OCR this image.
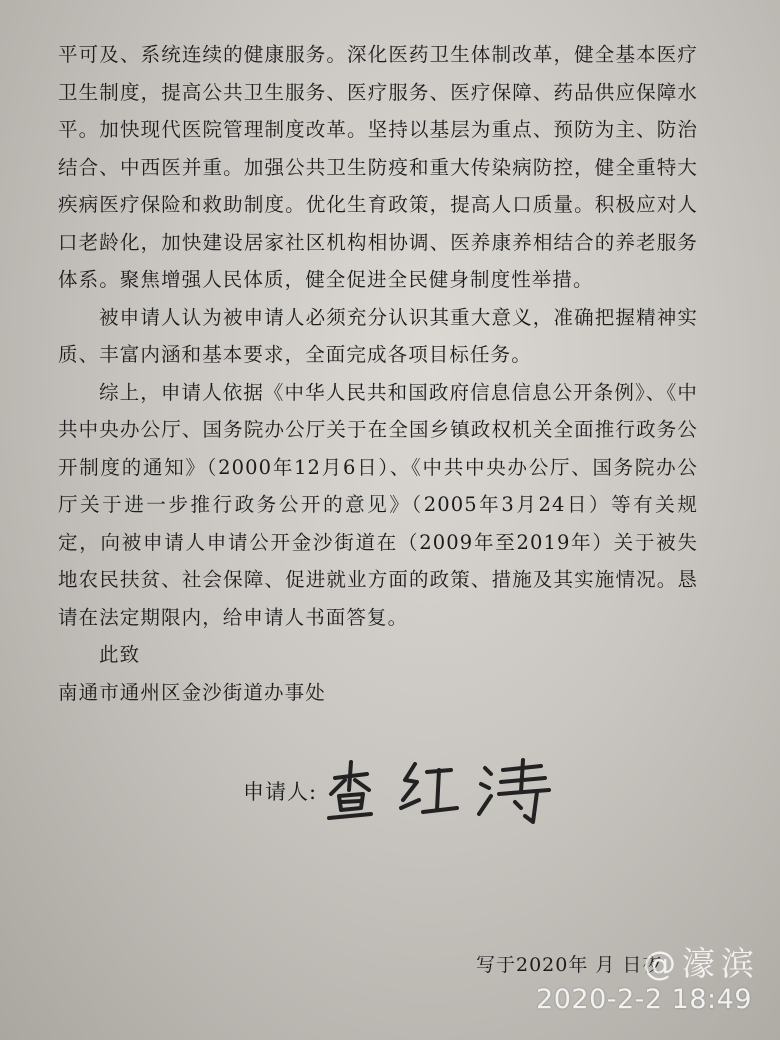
平可及、系统连续的健康服务。深化医药卫生体制改革，健全基本医疗卫生制度，提高公共卫生服务、医疗服务、医疗保障、药品供应保障水平。加快现代医院管理制度改革。坚持以基层为重点、预防为主、防治结合、中西医并重。加强公共卫生防疫和重大传染病防控，健全重特大疾病医疗保险和救助制度。优化生育政策，提高人口质量。积极应对人口老龄化，加快建设居家社区机构相协调、医养康养相结合的养老服务体系。聚焦增强人民体质，健全促进全民健身制度性举措。

被申请人认为被申请人必须充分认识其重大意义，准确把握精神实质、丰富内涵和基本要求，全面完成各项目标任务。

综上，申请人依据《中华人民共和国政府信息信息公开条例》、《中共中央办公厅、国务院办公厅关于在全国乡镇政权机关全面推行政务公开制度的通知》（2000年12月6日）、《中共中央办公厅、国务院办公厅关于进一步推行政务公开的意见》（2005年3月24日）等有关规定，向被申请人申请公开金沙街道在（2009年至2019年）关于被失地农民扶贫、社会保障、促进就业方面的政策、措施及其实施情况。恳请在法定期限内，给申请人书面答复。

此致

南通市通州区金沙街道办事处

申请人:
写于2020年 月 日夜
@濠滨
2020-2-2 18:49
